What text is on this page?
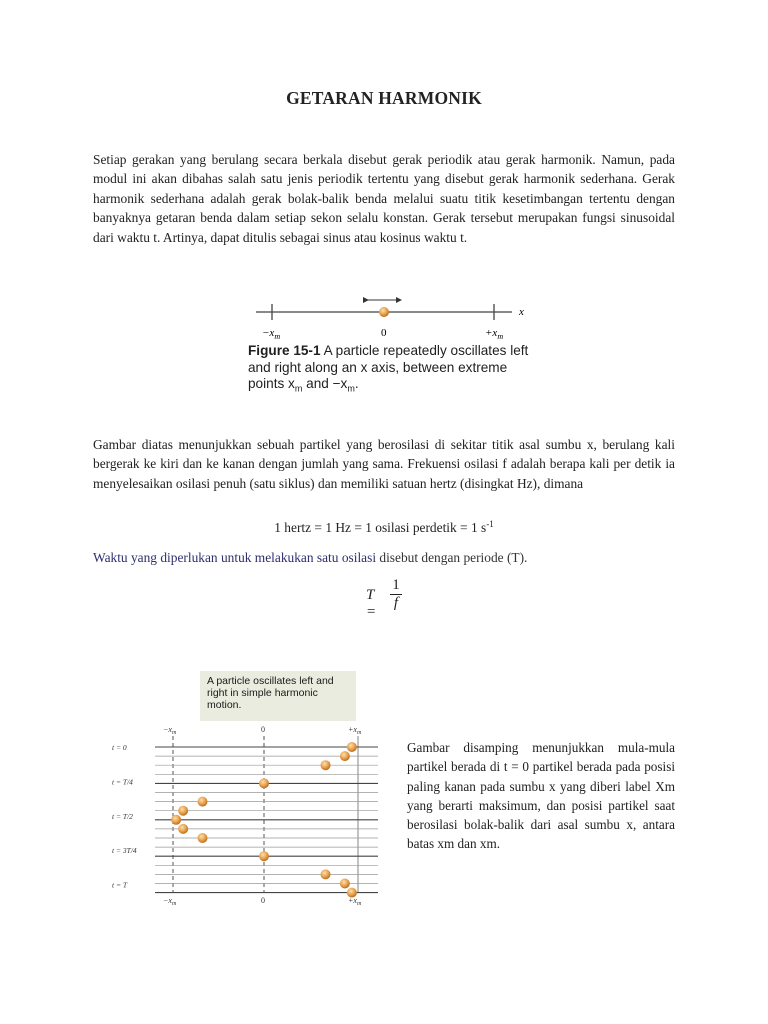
GETARAN HARMONIK

Setiap gerakan yang berulang secara berkala disebut gerak periodik atau gerak harmonik. Namun, pada modul ini akan dibahas salah satu jenis periodik tertentu yang disebut gerak harmonik sederhana. Gerak harmonik sederhana adalah gerak bolak-balik benda melalui suatu titik kesetimbangan tertentu dengan banyaknya getaran benda dalam setiap sekon selalu konstan. Gerak tersebut merupakan fungsi sinusoidal dari waktu t. Artinya, dapat ditulis sebagai sinus atau kosinus waktu t.

x
$-x_m$	0	$+x_m$
Figure 15-1 A particle repeatedly oscillates left and right along an x axis, between extreme points $x_m$ and $-x_m$.

Gambar diatas menunjukkan sebuah partikel yang berosilasi di sekitar titik asal sumbu x, berulang kali bergerak ke kiri dan ke kanan dengan jumlah yang sama. Frekuensi osilasi f adalah berapa kali per detik ia menyelesaikan osilasi penuh (satu siklus) dan memiliki satuan hertz (disingkat Hz), dimana

1 hertz = 1 Hz = 1 osilasi perdetik = 1 $s^{-1}$
Waktu yang diperlukan untuk melakukan satu osilasi disebut dengan periode (T).
T =
1
f
A particle oscillates left and right in simple harmonic motion.
$-x_m$	0	$+x_m$
t = 0
t = T/4
t = T/2
t = 3T/4
t = T
$-x_m$	0	$+x_m$

Gambar disamping menunjukkan mula-mula partikel berada di t = 0 partikel berada pada posisi paling kanan pada sumbu x yang diberi label Xm yang berarti maksimum, dan posisi partikel saat berosilasi bolak-balik dari asal sumbu x, antara batas xm dan xm.
